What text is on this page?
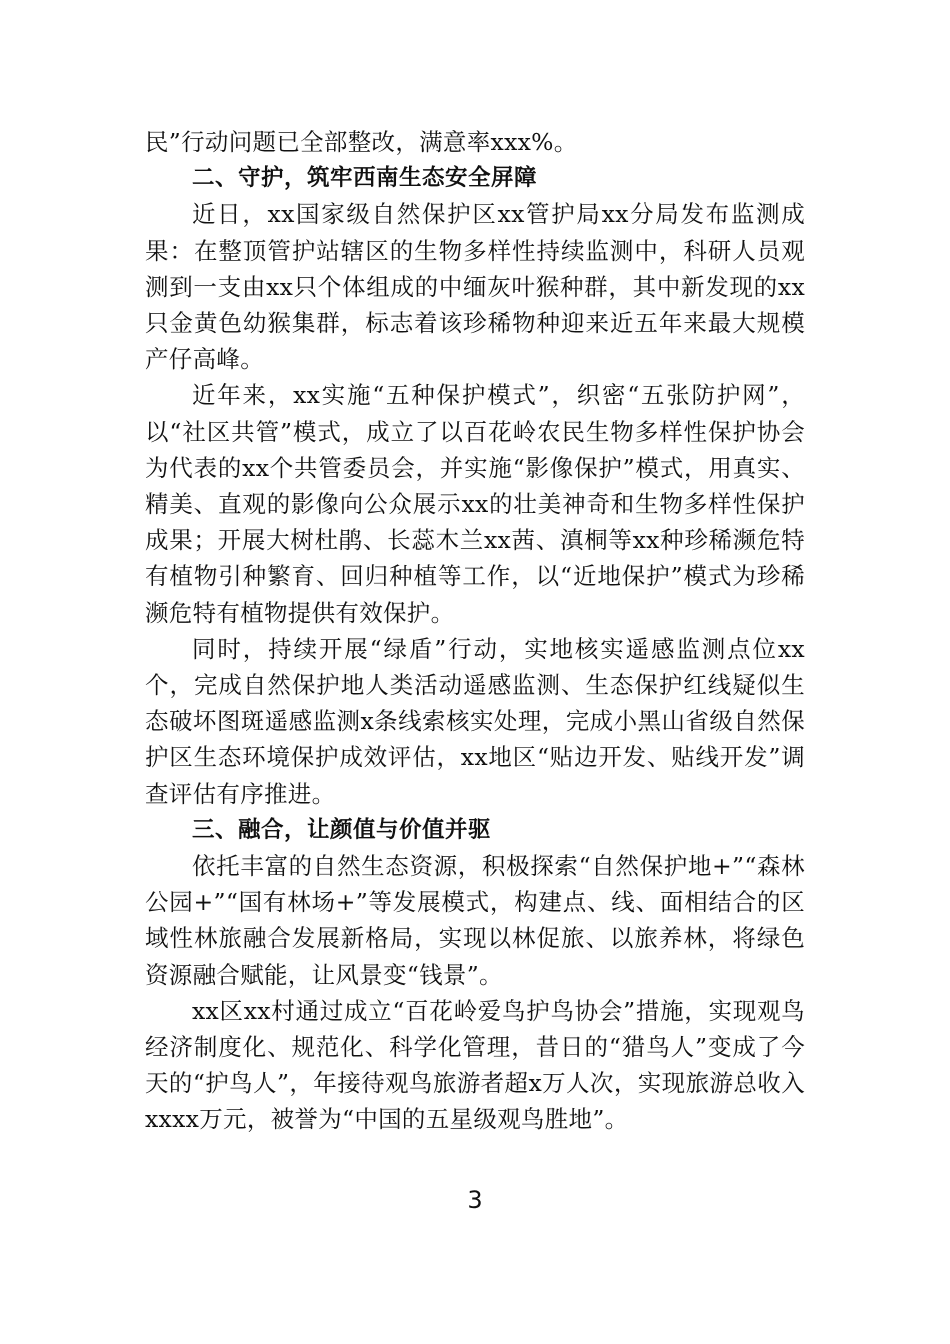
民”行动问题已全部整改，满意率xxx%。

二、守护，筑牢西南生态安全屏障

近日，xx国家级自然保护区xx管护局xx分局发布监测成果：在整顶管护站辖区的生物多样性持续监测中，科研人员观测到一支由xx只个体组成的中缅灰叶猴种群，其中新发现的xx只金黄色幼猴集群，标志着该珍稀物种迎来近五年来最大规模产仔高峰。

近年来，xx实施“五种保护模式”，织密“五张防护网”，以“社区共管”模式，成立了以百花岭农民生物多样性保护协会为代表的xx个共管委员会，并实施“影像保护”模式，用真实、精美、直观的影像向公众展示xx的壮美神奇和生物多样性保护成果；开展大树杜鹃、长蕊木兰xx茜、滇桐等xx种珍稀濒危特有植物引种繁育、回归种植等工作，以“近地保护”模式为珍稀濒危特有植物提供有效保护。

同时，持续开展“绿盾”行动，实地核实遥感监测点位xx个，完成自然保护地人类活动遥感监测、生态保护红线疑似生态破坏图斑遥感监测x条线索核实处理，完成小黑山省级自然保护区生态环境保护成效评估，xx地区“贴边开发、贴线开发”调查评估有序推进。

三、融合，让颜值与价值并驱

依托丰富的自然生态资源，积极探索“自然保护地+”“森林公园+”“国有林场+”等发展模式，构建点、线、面相结合的区域性林旅融合发展新格局，实现以林促旅、以旅养林，将绿色资源融合赋能，让风景变“钱景”。

xx区xx村通过成立“百花岭爱鸟护鸟协会”措施，实现观鸟经济制度化、规范化、科学化管理，昔日的“猎鸟人”变成了今天的“护鸟人”，年接待观鸟旅游者超x万人次，实现旅游总收入xxxx万元，被誉为“中国的五星级观鸟胜地”。

3
